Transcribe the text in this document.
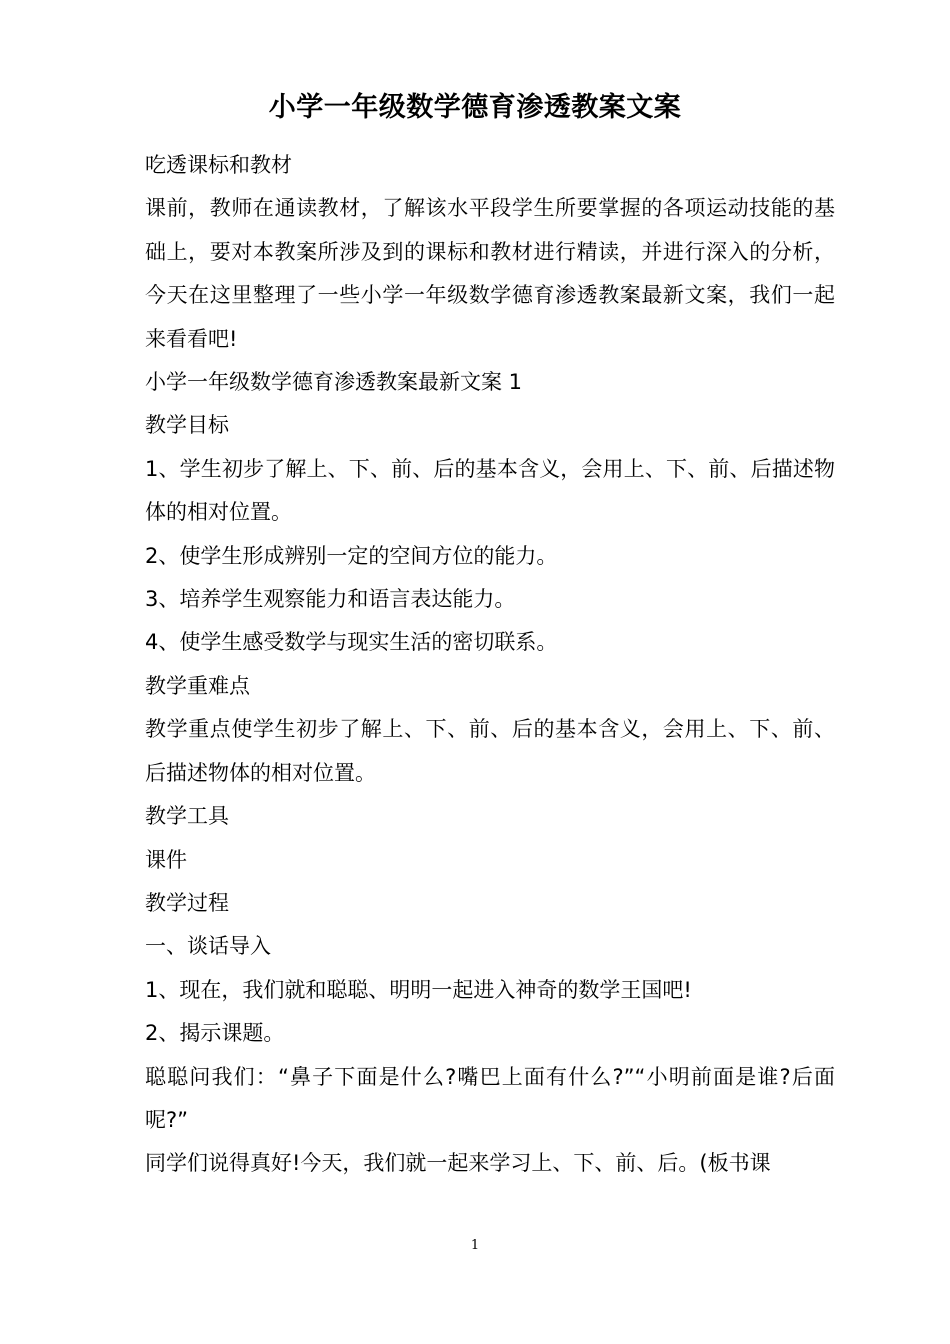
小学一年级数学德育渗透教案文案

吃透课标和教材

课前，教师在通读教材，了解该水平段学生所要掌握的各项运动技能的基础上，要对本教案所涉及到的课标和教材进行精读，并进行深入的分析，今天在这里整理了一些小学一年级数学德育渗透教案最新文案，我们一起来看看吧!

小学一年级数学德育渗透教案最新文案 1

教学目标

1、学生初步了解上、下、前、后的基本含义，会用上、下、前、后描述物体的相对位置。

2、使学生形成辨别一定的空间方位的能力。

3、培养学生观察能力和语言表达能力。

4、使学生感受数学与现实生活的密切联系。

教学重难点

教学重点使学生初步了解上、下、前、后的基本含义，会用上、下、前、后描述物体的相对位置。

教学工具

课件

教学过程

一、谈话导入

1、现在，我们就和聪聪、明明一起进入神奇的数学王国吧!

2、揭示课题。

聪聪问我们：“鼻子下面是什么?嘴巴上面有什么?”“小明前面是谁?后面呢?”

同学们说得真好!今天，我们就一起来学习上、下、前、后。(板书课

1
